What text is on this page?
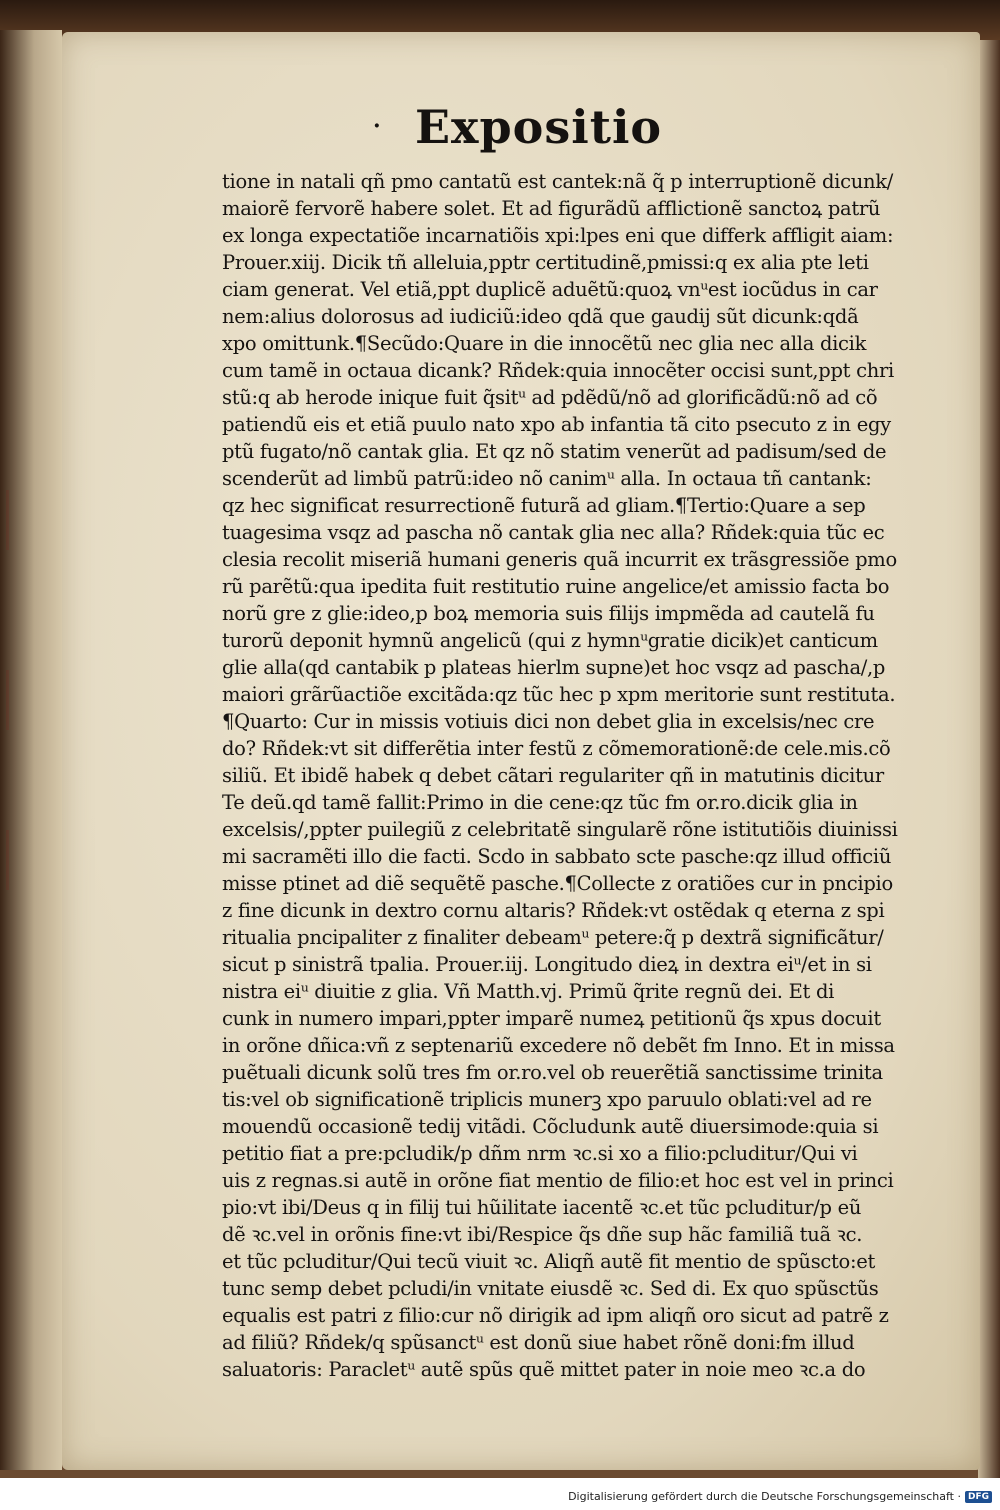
· Expositio
tione in natali qñ pmo cantatũ est cantek:nã q̃ p interruptionẽ dicunk/
maiorẽ fervorẽ habere solet. Et ad figurãdũ afflictionẽ sanctoꝝ patrũ
ex longa expectatiõe incarnatiõis xpi:lpes eni que differk affligit aiam:
Prouer.xiij. Dicik tñ alleluia,pptr certitudinẽ,pmissi:q ex alia pte leti
ciam generat. Vel etiã,ppt duplicẽ aduẽtũ:quoꝝ vnᵘest iocũdus in car
nem:alius dolorosus ad iudiciũ:ideo qdã que gaudij sũt dicunk:qdã
xpo omittunk.¶Secũdo:Quare in die innocẽtũ nec glia nec alla dicik
cum tamẽ in octaua dicank? Rñdek:quia innocẽter occisi sunt,ppt chri
stũ:q ab herode inique fuit q̃sitᵘ ad pdẽdũ/nõ ad glorificãdũ:nõ ad cõ
patiendũ eis et etiã puulo nato xpo ab infantia tã cito psecuto z in egy
ptũ fugato/nõ cantak glia. Et qz nõ statim venerũt ad padisum/sed de
scenderũt ad limbũ patrũ:ideo nõ canimᵘ alla. In octaua tñ cantank:
qz hec significat resurrectionẽ futurã ad gliam.¶Tertio:Quare a sep
tuagesima vsqz ad pascha nõ cantak glia nec alla? Rñdek:quia tũc ec
clesia recolit miseriã humani generis quã incurrit ex trãsgressiõe pmo
rũ parẽtũ:qua ipedita fuit restitutio ruine angelice/et amissio facta bo
norũ gre z glie:ideo,p boꝝ memoria suis filijs impmẽda ad cautelã fu
turorũ deponit hymnũ angelicũ (qui z hymnᵘgratie dicik)et canticum
glie alla(qd cantabik p plateas hierlm supne)et hoc vsqz ad pascha/,p
maiori grãrũactiõe excitãda:qz tũc hec p xpm meritorie sunt restituta.
¶Quarto: Cur in missis votiuis dici non debet glia in excelsis/nec cre
do? Rñdek:vt sit differẽtia inter festũ z cõmemorationẽ:de cele.mis.cõ
siliũ. Et ibidẽ habek q debet cãtari regulariter qñ in matutinis dicitur
Te deũ.qd tamẽ fallit:Primo in die cene:qz tũc fm or.ro.dicik glia in
excelsis/,ppter puilegiũ z celebritatẽ singularẽ rõne istitutiõis diuinissi
mi sacramẽti illo die facti. Scdo in sabbato scte pasche:qz illud officiũ
misse ptinet ad diẽ sequẽtẽ pasche.¶Collecte z oratiões cur in pncipio
z fine dicunk in dextro cornu altaris? Rñdek:vt ostẽdak q eterna z spi
ritualia pncipaliter z finaliter debeamᵘ petere:q̃ p dextrã significãtur/
sicut p sinistrã tpalia. Prouer.iij. Longitudo dieꝝ in dextra eiᵘ/et in si
nistra eiᵘ diuitie z glia. Vñ Matth.vj. Primũ q̃rite regnũ dei. Et di
cunk in numero impari,ppter imparẽ numeꝝ petitionũ q̃s xpus docuit
in orõne dñica:vñ z septenariũ excedere nõ debẽt fm Inno. Et in missa
puẽtuali dicunk solũ tres fm or.ro.vel ob reuerẽtiã sanctissime trinita
tis:vel ob significationẽ triplicis munerꝫ xpo paruulo oblati:vel ad re
mouendũ occasionẽ tedij vitãdi. Cõcludunk autẽ diuersimode:quia si
petitio fiat a pre:pcludik/p dñm nrm ꝛc.si xo a filio:pcluditur/Qui vi
uis z regnas.si autẽ in orõne fiat mentio de filio:et hoc est vel in princi
pio:vt ibi/Deus q in filij tui hũilitate iacentẽ ꝛc.et tũc pcluditur/p eũ
dẽ ꝛc.vel in orõnis fine:vt ibi/Respice q̃s dñe sup hãc familiã tuã ꝛc.
et tũc pcluditur/Qui tecũ viuit ꝛc. Aliqñ autẽ fit mentio de spũscto:et
tunc semp debet pcludi/in vnitate eiusdẽ ꝛc. Sed di. Ex quo spũsctũs
equalis est patri z filio:cur nõ dirigik ad ipm aliqñ oro sicut ad patrẽ z
ad filiũ? Rñdek/q spũsanctᵘ est donũ siue habet rõnẽ doni:fm illud
saluatoris: Paracletᵘ autẽ spũs quẽ mittet pater in noie meo ꝛc.a do
Digitalisierung gefördert durch die Deutsche Forschungsgemeinschaft · DFG
